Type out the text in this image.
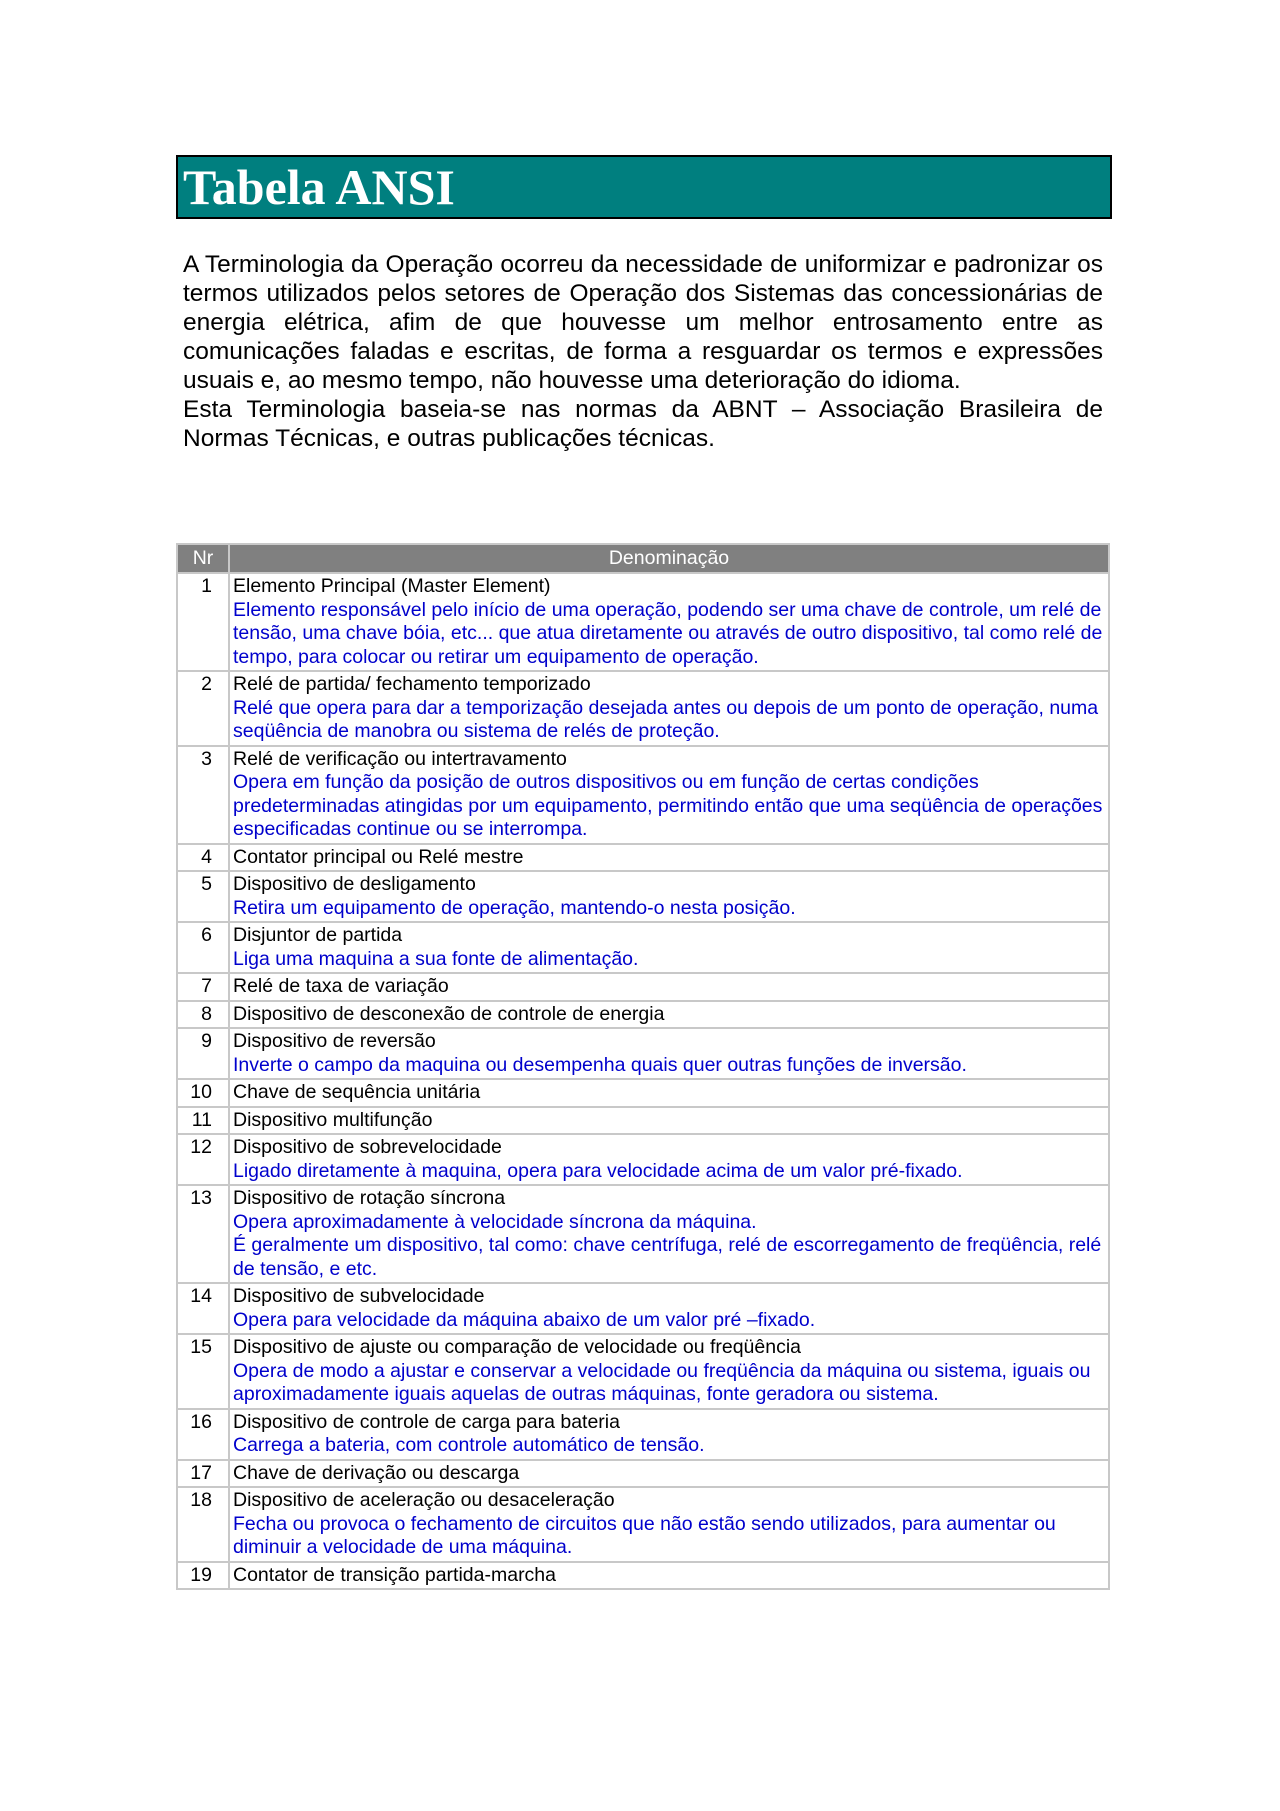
Tabela ANSI

A Terminologia da Operação ocorreu da necessidade de uniformizar e padronizar os termos utilizados pelos setores de Operação dos Sistemas das concessionárias de energia elétrica, afim de que houvesse um melhor entrosamento entre as comunicações faladas e escritas, de forma a resguardar os termos e expressões usuais e, ao mesmo tempo, não houvesse uma deterioração do idioma.

Esta Terminologia baseia-se nas normas da ABNT – Associação Brasileira de Normas Técnicas, e outras publicações técnicas.

Nr	Denominação
1	Elemento Principal (Master Element)
Elemento responsável pelo início de uma operação, podendo ser uma chave de controle, um relé de tensão, uma chave bóia, etc... que atua diretamente ou através de outro dispositivo, tal como relé de tempo, para colocar ou retirar um equipamento de operação.

2	Relé de partida/ fechamento temporizado
Relé que opera para dar a temporização desejada antes ou depois de um ponto de operação, numa seqüência de manobra ou sistema de relés de proteção.

3	Relé de verificação ou intertravamento
Opera em função da posição de outros dispositivos ou em função de certas condições predeterminadas atingidas por um equipamento, permitindo então que uma seqüência de operações especificadas continue ou se interrompa.

4	Contator principal ou Relé mestre

5	Dispositivo de desligamento
Retira um equipamento de operação, mantendo-o nesta posição.

6	Disjuntor de partida
Liga uma maquina a sua fonte de alimentação.

7	Relé de taxa de variação

8	Dispositivo de desconexão de controle de energia

9	Dispositivo de reversão
Inverte o campo da maquina ou desempenha quais quer outras funções de inversão.

10	Chave de sequência unitária

11	Dispositivo multifunção

12	Dispositivo de sobrevelocidade
Ligado diretamente à maquina, opera para velocidade acima de um valor pré-fixado.

13	Dispositivo de rotação síncrona
Opera aproximadamente à velocidade síncrona da máquina.
É geralmente um dispositivo, tal como: chave centrífuga, relé de escorregamento de freqüência, relé de tensão, e etc.

14	Dispositivo de subvelocidade
Opera para velocidade da máquina abaixo de um valor pré –fixado.

15	Dispositivo de ajuste ou comparação de velocidade ou freqüência
Opera de modo a ajustar e conservar a velocidade ou freqüência da máquina ou sistema, iguais ou aproximadamente iguais aquelas de outras máquinas, fonte geradora ou sistema.

16	Dispositivo de controle de carga para bateria
Carrega a bateria, com controle automático de tensão.

17	Chave de derivação ou descarga

18	Dispositivo de aceleração ou desaceleração
Fecha ou provoca o fechamento de circuitos que não estão sendo utilizados, para aumentar ou diminuir a velocidade de uma máquina.

19	Contator de transição partida-marcha
